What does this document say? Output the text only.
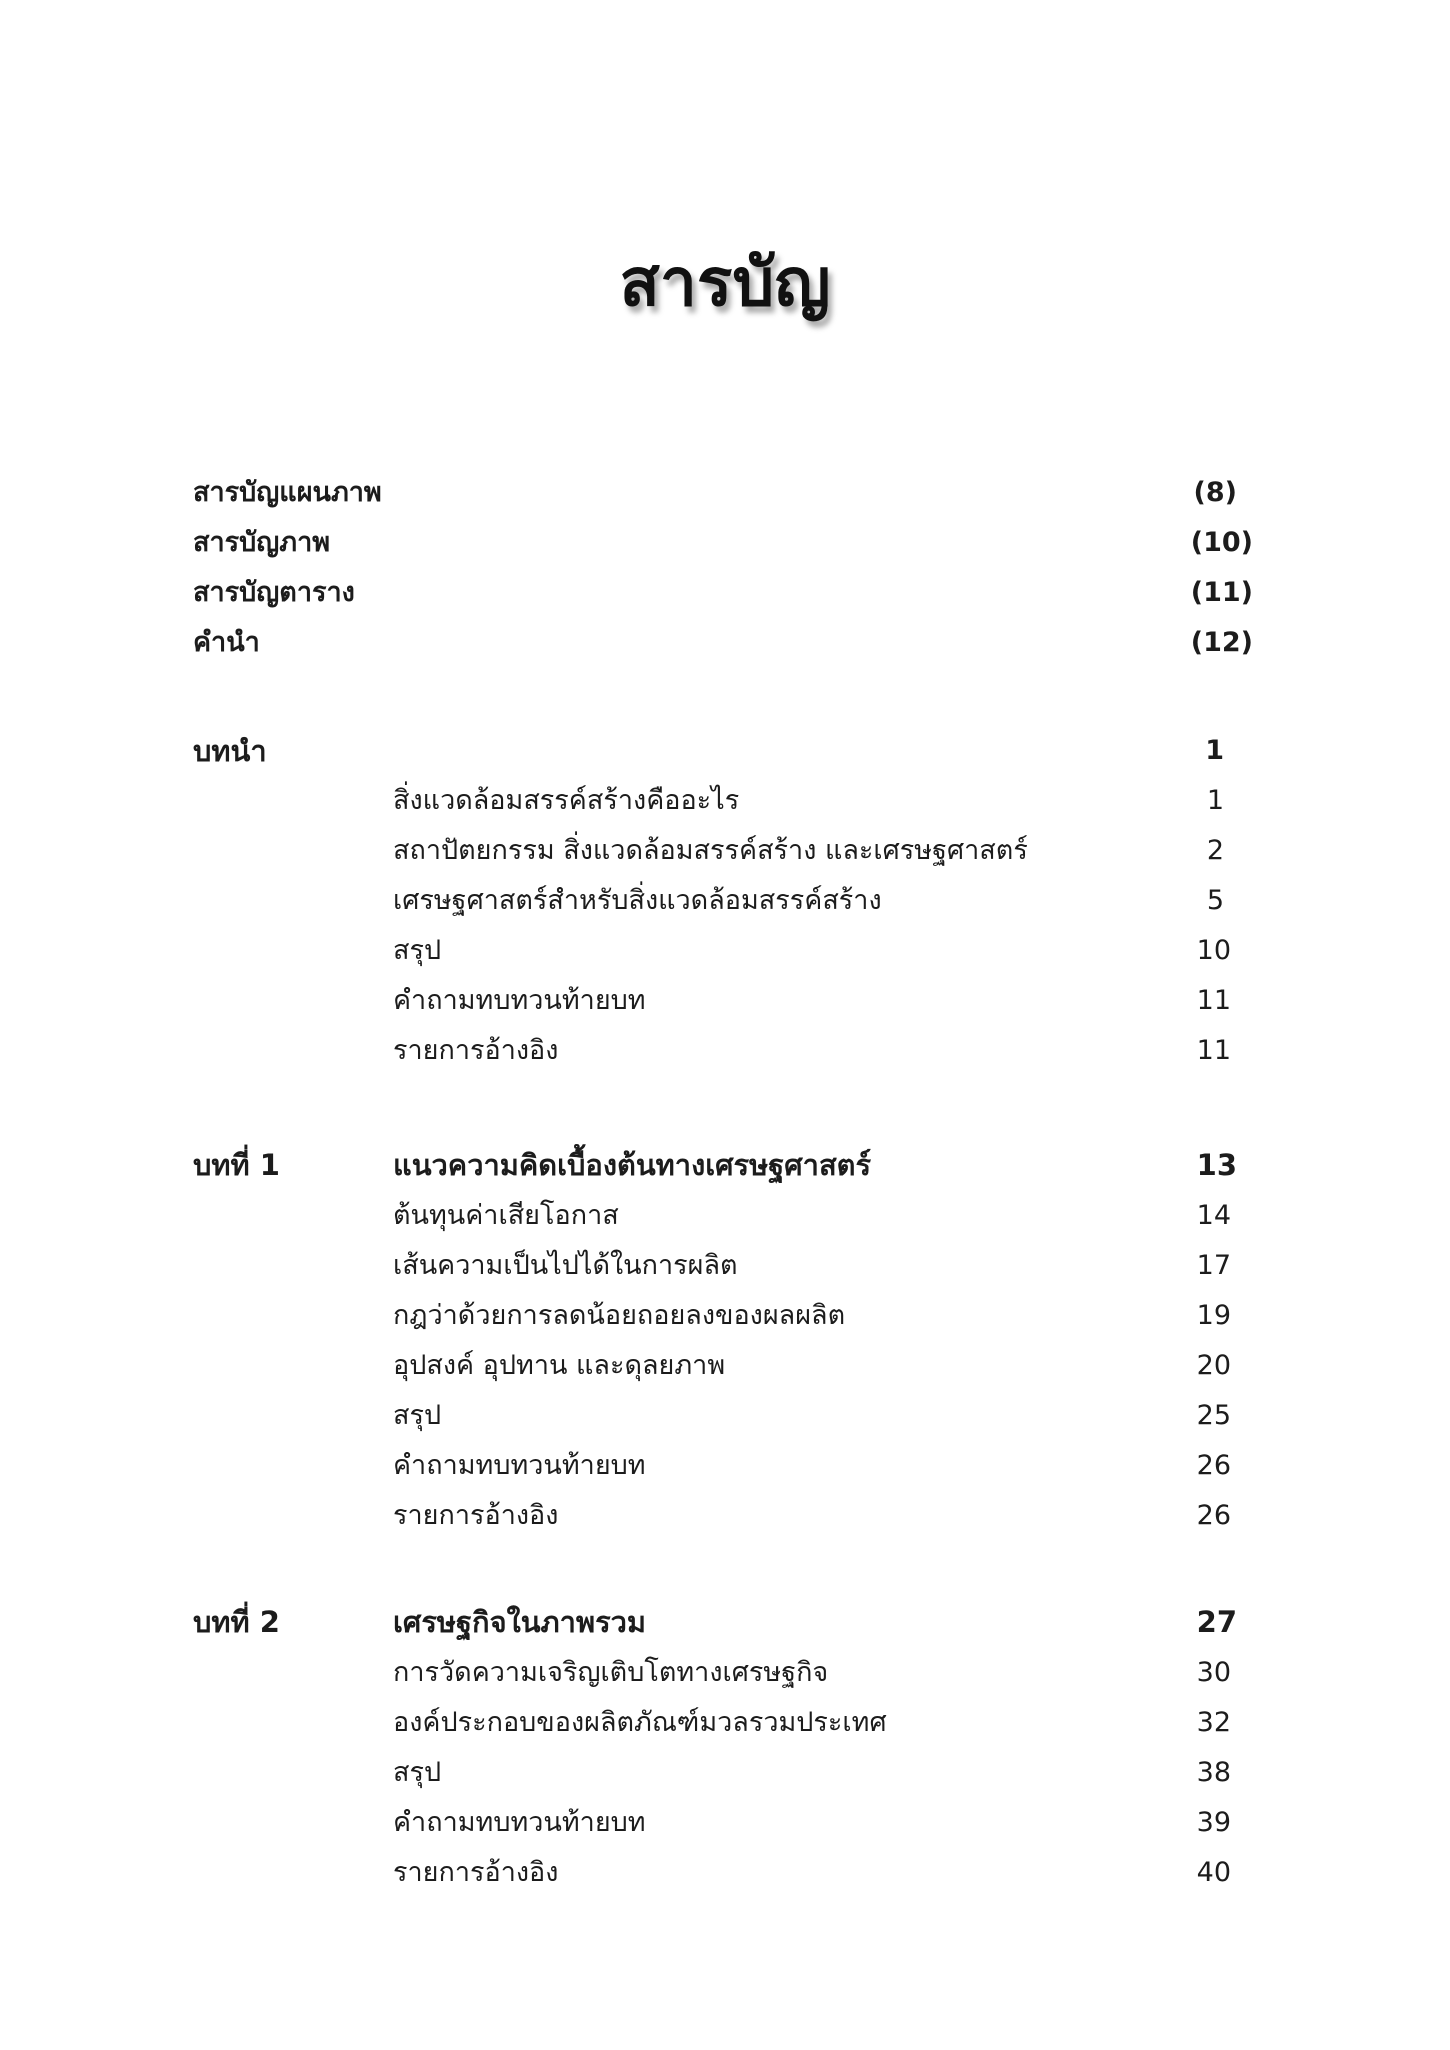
สารบัญ
สารบัญแผนภาพ	(8)
สารบัญภาพ	(10)
สารบัญตาราง	(11)
คำนำ	(12)
บทนำ	1
สิ่งแวดล้อมสรรค์สร้างคืออะไร	1
สถาปัตยกรรม สิ่งแวดล้อมสรรค์สร้าง และเศรษฐศาสตร์	2
เศรษฐศาสตร์สำหรับสิ่งแวดล้อมสรรค์สร้าง	5
สรุป	10
คำถามทบทวนท้ายบท	11
รายการอ้างอิง	11
บทที่ 1	แนวความคิดเบื้องต้นทางเศรษฐศาสตร์	13
ต้นทุนค่าเสียโอกาส	14
เส้นความเป็นไปได้ในการผลิต	17
กฎว่าด้วยการลดน้อยถอยลงของผลผลิต	19
อุปสงค์ อุปทาน และดุลยภาพ	20
สรุป	25
คำถามทบทวนท้ายบท	26
รายการอ้างอิง	26
บทที่ 2	เศรษฐกิจในภาพรวม	27
การวัดความเจริญเติบโตทางเศรษฐกิจ	30
องค์ประกอบของผลิตภัณฑ์มวลรวมประเทศ	32
สรุป	38
คำถามทบทวนท้ายบท	39
รายการอ้างอิง	40
